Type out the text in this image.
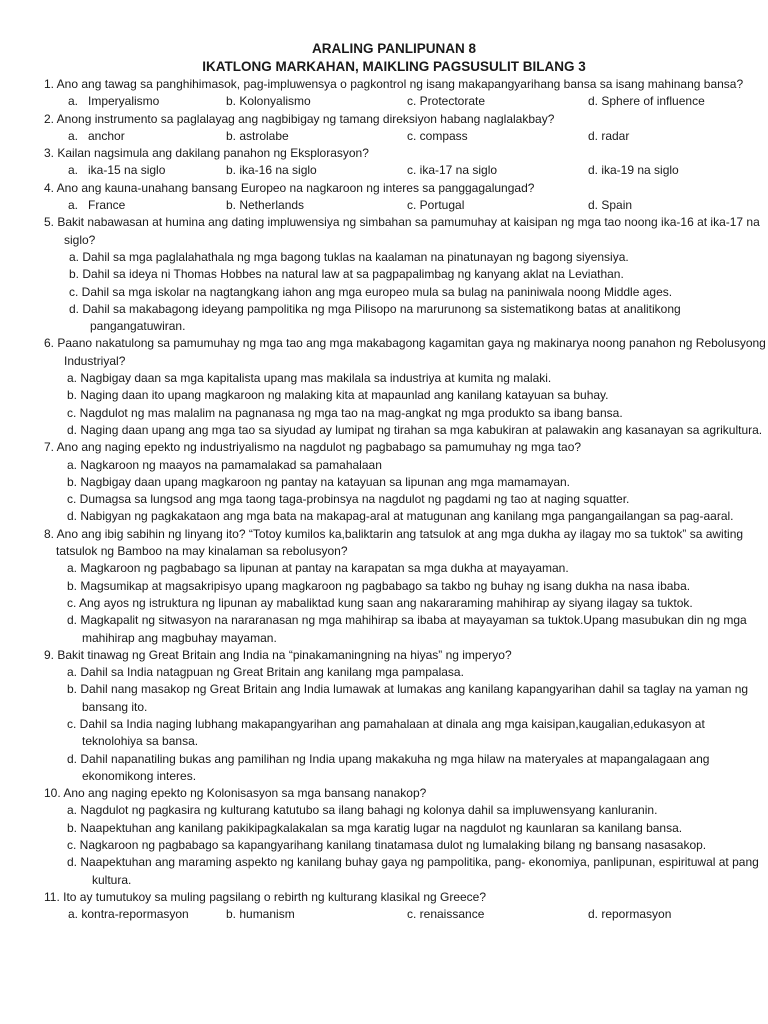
ARALING PANLIPUNAN 8
IKATLONG MARKAHAN, MAIKLING PAGSUSULIT BILANG 3
1. Ano ang tawag sa panghihimasok, pag-impluwensya o pagkontrol ng isang makapangyarihang bansa sa isang mahinang bansa?
a. Imperyalismo	b. Kolonyalismo	c. Protectorate	d. Sphere of influence
2. Anong instrumento sa paglalayag ang nagbibigay ng tamang direksiyon habang naglalakbay?
a. anchor	b. astrolabe	c. compass	d. radar
3. Kailan nagsimula ang dakilang panahon ng Eksplorasyon?
a. ika-15 na siglo	b. ika-16 na siglo	c. ika-17 na siglo	d. ika-19 na siglo
4. Ano ang kauna-unahang bansang Europeo na nagkaroon ng interes sa panggagalungad?
a. France	b. Netherlands	c. Portugal	d. Spain
5. Bakit nabawasan at humina ang dating impluwensiya ng simbahan sa pamumuhay at kaisipan ng mga tao noong ika-16 at ika-17 na siglo?
a. Dahil sa mga paglalahathala ng mga bagong tuklas na kaalaman na pinatunayan ng bagong siyensiya.
b. Dahil sa ideya ni Thomas Hobbes na natural law at sa pagpapalimbag ng kanyang aklat na Leviathan.
c. Dahil sa mga iskolar na nagtangkang iahon ang mga europeo mula sa bulag na paniniwala noong Middle ages.
d. Dahil sa makabagong ideyang pampolitika ng mga Pilisopo na marurunong sa sistematikong batas at analitikong pangangatuwiran.
6. Paano nakatulong sa pamumuhay ng mga tao ang mga makabagong kagamitan gaya ng makinarya noong panahon ng Rebolusyong Industriyal?
a. Nagbigay daan sa mga kapitalista upang mas makilala sa industriya at kumita ng malaki.
b. Naging daan ito upang magkaroon ng malaking kita at mapaunlad ang kanilang katayuan sa buhay.
c. Nagdulot ng mas malalim na pagnanasa ng mga tao na mag-angkat ng mga produkto sa ibang bansa.
d. Naging daan upang ang mga tao sa siyudad ay lumipat ng tirahan sa mga kabukiran at palawakin ang kasanayan sa agrikultura.
7. Ano ang naging epekto ng industriyalismo na nagdulot ng pagbabago sa pamumuhay ng mga tao?
a. Nagkaroon ng maayos na pamamalakad sa pamahalaan
b. Nagbigay daan upang magkaroon ng pantay na katayuan sa lipunan ang mga mamamayan.
c. Dumagsa sa lungsod ang mga taong taga-probinsya na nagdulot ng pagdami ng tao at naging squatter.
d. Nabigyan ng pagkakataon ang mga bata na makapag-aral at matugunan ang kanilang mga pangangailangan sa pag-aaral.
8. Ano ang ibig sabihin ng linyang ito? “Totoy kumilos ka,baliktarin ang tatsulok at ang mga dukha ay ilagay mo sa tuktok” sa awiting tatsulok ng Bamboo na may kinalaman sa rebolusyon?
a. Magkaroon ng pagbabago sa lipunan at pantay na karapatan sa mga dukha at mayayaman.
b. Magsumikap at magsakripisyo upang magkaroon ng pagbabago sa takbo ng buhay ng isang dukha na nasa ibaba.
c. Ang ayos ng istruktura ng lipunan ay mabaliktad kung saan ang nakararaming mahihirap ay siyang ilagay sa tuktok.
d. Magkapalit ng sitwasyon na nararanasan ng mga mahihirap sa ibaba at mayayaman sa tuktok.Upang masubukan din ng mga mahihirap ang magbuhay mayaman.
9. Bakit tinawag ng Great Britain ang India na “pinakamaningning na hiyas” ng imperyo?
a. Dahil sa India natagpuan ng Great Britain ang kanilang mga pampalasa.
b. Dahil nang masakop ng Great Britain ang India lumawak at lumakas ang kanilang kapangyarihan dahil sa taglay na yaman ng bansang ito.
c. Dahil sa India naging lubhang makapangyarihan ang pamahalaan at dinala ang mga kaisipan,kaugalian,edukasyon at teknolohiya sa bansa.
d. Dahil napanatiling bukas ang pamilihan ng India upang makakuha ng mga hilaw na materyales at mapangalagaan ang ekonomikong interes.
10. Ano ang naging epekto ng Kolonisasyon sa mga bansang nanakop?
a. Nagdulot ng pagkasira ng kulturang katutubo sa ilang bahagi ng kolonya dahil sa impluwensyang kanluranin.
b. Naapektuhan ang kanilang pakikipagkalakalan sa mga karatig lugar na nagdulot ng kaunlaran sa kanilang bansa.
c. Nagkaroon ng pagbabago sa kapangyarihang kanilang tinatamasa dulot ng lumalaking bilang ng bansang nasasakop.
d. Naapektuhan ang maraming aspekto ng kanilang buhay gaya ng pampolitika, pang- ekonomiya, panlipunan, espirituwal at pang kultura.
11. Ito ay tumutukoy sa muling pagsilang o rebirth ng kulturang klasikal ng Greece?
a. kontra-repormasyon	b. humanism	c. renaissance	d. repormasyon
